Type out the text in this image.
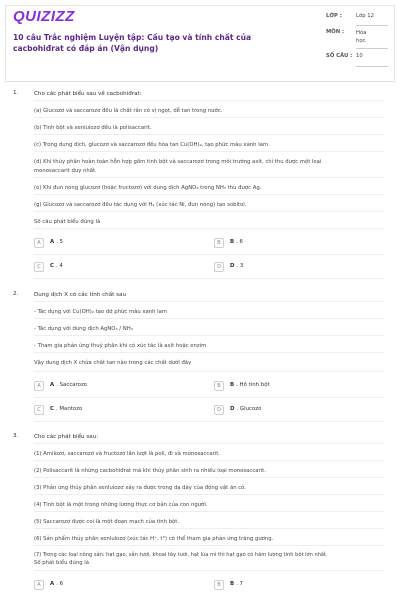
QUIZIZZ
10 câu Trắc nghiệm Luyện tập: Cấu tạo và tính chất của cacbohiđrat có đáp án (Vận dụng)
LỚP :	Lớp 12
MÔN :	Hóa
học
SỐ CÂU : 10
1.	Cho các phát biểu sau về cacbohiđrat:
(a) Glucozơ và saccarozơ đều là chất rắn có vị ngọt, dễ tan trong nước.
(b) Tinh bột và xenlulozơ đều là polisaccarit.
(c) Trong dung dịch, glucozơ và saccarozơ đều hòa tan Cu(OH)₂, tạo phức màu xanh lam.
(d) Khi thủy phân hoàn toàn hỗn hợp gồm tinh bột và saccarozơ trong môi trường axit, chỉ thu được một loại
monosaccarit duy nhất.
(e) Khi đun nóng glucozơ (hoặc fructozơ) với dung dịch AgNO₃ trong NH₃ thu được Ag.
(g) Glucozơ và saccarozơ đều tác dụng với H₂ (xúc tác Ni, đun nóng) tạo sobitol.
Số câu phát biểu đúng là
A	A . 5	B	B . 6
C	C . 4	D	D . 3
2.	Dung dịch X có các tính chất sau
- Tác dụng với Cu(OH)₂ tạo dd phức màu xanh lam
- Tác dụng với dung dịch AgNO₃ / NH₃
- Tham gia phản ứng thuỷ phân khi có xúc tác là axit hoặc enzim
Vậy dung dịch X chứa chất tan nào trong các chất dưới đây
A	A . Saccarozo	B	B . Hồ tinh bột
C	C . Mantozo	D	D . Glucozo
3.	Cho các phát biểu sau:
(1) Amilozơ, saccarozơ và fructozơ lần lượt là poli, đi và monosaccarit.
(2) Polisaccarit là những cacbohiđrat mà khi thủy phân sinh ra nhiều loại monosaccarit.
(3) Phản ứng thủy phân xenlulozơ xảy ra được trong dạ dày của động vật ăn cỏ.
(4) Tinh bột là một trong những lương thực cơ bản của con người.
(5) Saccarozơ được coi là một đoạn mạch của tinh bột.
(6) Sản phẩm thủy phân xenlulozơ (xúc tác H⁺, t°) có thể tham gia phản ứng tráng gương.
(7) Trong các loại nông sản: hạt gạo, sắn tươi, khoai tây tươi, hạt lúa mì thì hạt gạo có hàm lượng tinh bột lớn nhất.
Số phát biểu đúng là
A	A . 6	B	B . 7
